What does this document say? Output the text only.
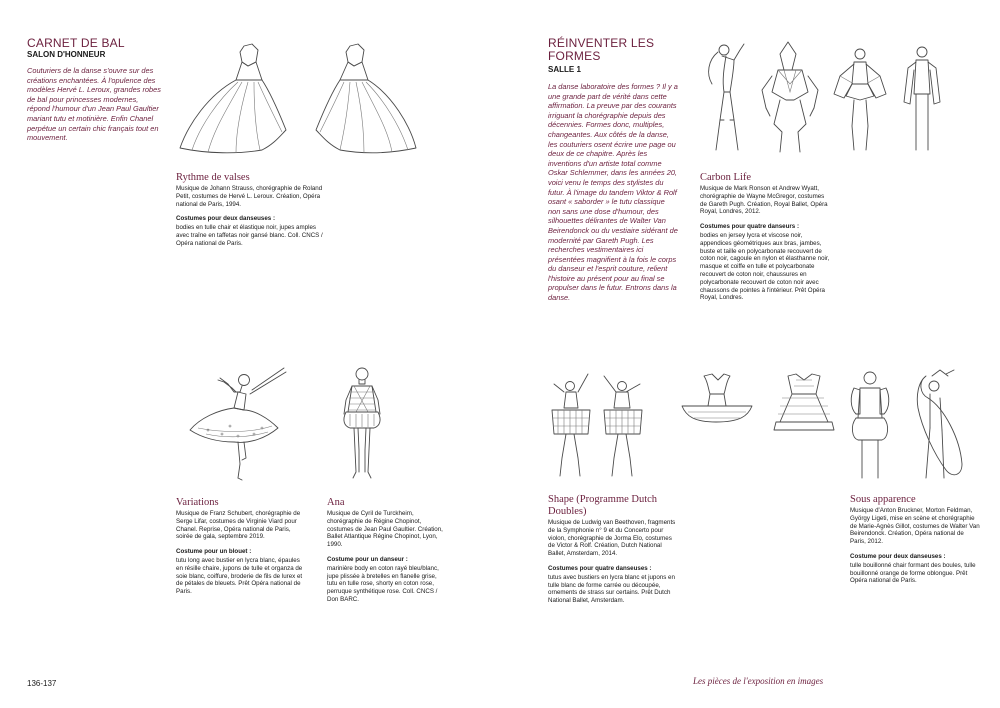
CARNET DE BAL
SALON D'HONNEUR
Couturiers de la danse s'ouvre sur des créations enchantées. À l'opulence des modèles Hervé L. Leroux, grandes robes de bal pour princesses modernes, répond l'humour d'un Jean Paul Gaultier mariant tutu et motinière. Enfin Chanel perpétue un certain chic français tout en mouvement.
Rythme de valses
Musique de Johann Strauss, chorégraphie de Roland Petit, costumes de Hervé L. Leroux. Création, Opéra national de Paris, 1994.
Costumes pour deux danseuses :
bodies en tulle chair et élastique noir, jupes amples avec traîne en taffetas noir gansé blanc. Coll. CNCS / Opéra national de Paris.
Variations
Musique de Franz Schubert, chorégraphie de Serge Lifar, costumes de Virginie Viard pour Chanel. Reprise, Opéra national de Paris, soirée de gala, septembre 2019.
Costume pour un blouet :
tutu long avec bustier en lycra blanc, épaules en résille chaire, jupons de tulle et organza de soie blanc, coiffure, broderie de fils de lurex et de pétales de bleuets. Prêt Opéra national de Paris.
Ana
Musique de Cyril de Turckheim, chorégraphie de Régine Chopinot, costumes de Jean Paul Gaultier. Création, Ballet Atlantique Régine Chopinot, Lyon, 1990.
Costume pour un danseur :
marinière body en coton rayé bleu/blanc, jupe plissée à bretelles en flanelle grise, tutu en tulle rose, shorty en coton rose, perruque synthétique rose. Coll. CNCS / Don BARC.
136-137
RÉINVENTER LES FORMES
SALLE 1
La danse laboratoire des formes ? Il y a une grande part de vérité dans cette affirmation. La preuve par des courants irriguant la chorégraphie depuis des décennies. Formes donc, multiples, changeantes. Aux côtés de la danse, les couturiers osent écrire une page ou deux de ce chapitre. Après les inventions d'un artiste total comme Oskar Schlemmer, dans les années 20, voici venu le temps des stylistes du futur. À l'image du tandem Viktor & Rolf osant « saborder » le tutu classique non sans une dose d'humour, des silhouettes délirantes de Walter Van Beirendonck ou du vestiaire sidérant de modernité par Gareth Pugh. Les recherches vestimentaires ici présentées magnifient à la fois le corps du danseur et l'esprit couture, relient l'histoire au présent pour au final se propulser dans le futur. Entrons dans la danse.
Carbon Life
Musique de Mark Ronson et Andrew Wyatt, chorégraphie de Wayne McGregor, costumes de Gareth Pugh. Création, Royal Ballet, Opéra Royal, Londres, 2012.
Costumes pour quatre danseurs :
bodies en jersey lycra et viscose noir, appendices géométriques aux bras, jambes, buste et taille en polycarbonate recouvert de coton noir, cagoule en nylon et élasthanne noir, masque et coiffe en tulle et polycarbonate recouvert de coton noir, chaussures en polycarbonate recouvert de coton noir avec chaussons de pointes à l'intérieur. Prêt Opéra Royal, Londres.
Shape (Programme Dutch Doubles)
Musique de Ludwig van Beethoven, fragments de la Symphonie n° 9 et du Concerto pour violon, chorégraphie de Jorma Elo, costumes de Victor & Rolf. Création, Dutch National Ballet, Amsterdam, 2014.
Costumes pour quatre danseuses :
tutus avec bustiers en lycra blanc et jupons en tulle blanc de forme carrée ou découpée, ornements de strass sur certains. Prêt Dutch National Ballet, Amsterdam.
Sous apparence
Musique d'Anton Bruckner, Morton Feldman, György Ligeti, mise en scène et chorégraphie de Marie-Agnès Gillot, costumes de Walter Van Beirendonck. Création, Opéra national de Paris, 2012.
Costume pour deux danseuses :
tulle bouillonné chair formant des boules, tulle bouillonné orange de forme oblongue. Prêt Opéra national de Paris.
Les pièces de l'exposition en images
